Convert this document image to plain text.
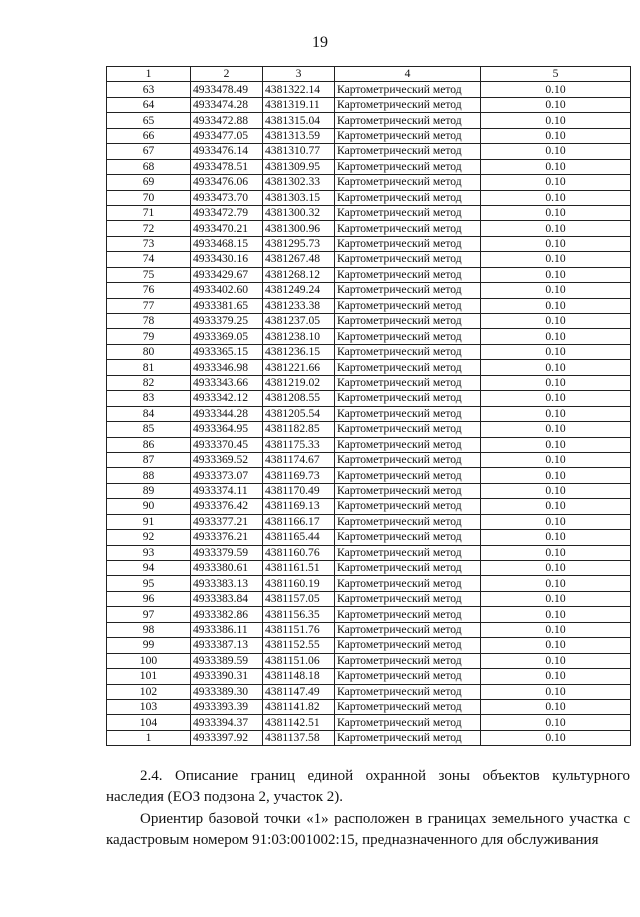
19
1	2	3	4	5
63	4933478.49	4381322.14	Картометрический метод	0.10
64	4933474.28	4381319.11	Картометрический метод	0.10
65	4933472.88	4381315.04	Картометрический метод	0.10
66	4933477.05	4381313.59	Картометрический метод	0.10
67	4933476.14	4381310.77	Картометрический метод	0.10
68	4933478.51	4381309.95	Картометрический метод	0.10
69	4933476.06	4381302.33	Картометрический метод	0.10
70	4933473.70	4381303.15	Картометрический метод	0.10
71	4933472.79	4381300.32	Картометрический метод	0.10
72	4933470.21	4381300.96	Картометрический метод	0.10
73	4933468.15	4381295.73	Картометрический метод	0.10
74	4933430.16	4381267.48	Картометрический метод	0.10
75	4933429.67	4381268.12	Картометрический метод	0.10
76	4933402.60	4381249.24	Картометрический метод	0.10
77	4933381.65	4381233.38	Картометрический метод	0.10
78	4933379.25	4381237.05	Картометрический метод	0.10
79	4933369.05	4381238.10	Картометрический метод	0.10
80	4933365.15	4381236.15	Картометрический метод	0.10
81	4933346.98	4381221.66	Картометрический метод	0.10
82	4933343.66	4381219.02	Картометрический метод	0.10
83	4933342.12	4381208.55	Картометрический метод	0.10
84	4933344.28	4381205.54	Картометрический метод	0.10
85	4933364.95	4381182.85	Картометрический метод	0.10
86	4933370.45	4381175.33	Картометрический метод	0.10
87	4933369.52	4381174.67	Картометрический метод	0.10
88	4933373.07	4381169.73	Картометрический метод	0.10
89	4933374.11	4381170.49	Картометрический метод	0.10
90	4933376.42	4381169.13	Картометрический метод	0.10
91	4933377.21	4381166.17	Картометрический метод	0.10
92	4933376.21	4381165.44	Картометрический метод	0.10
93	4933379.59	4381160.76	Картометрический метод	0.10
94	4933380.61	4381161.51	Картометрический метод	0.10
95	4933383.13	4381160.19	Картометрический метод	0.10
96	4933383.84	4381157.05	Картометрический метод	0.10
97	4933382.86	4381156.35	Картометрический метод	0.10
98	4933386.11	4381151.76	Картометрический метод	0.10
99	4933387.13	4381152.55	Картометрический метод	0.10
100	4933389.59	4381151.06	Картометрический метод	0.10
101	4933390.31	4381148.18	Картометрический метод	0.10
102	4933389.30	4381147.49	Картометрический метод	0.10
103	4933393.39	4381141.82	Картометрический метод	0.10
104	4933394.37	4381142.51	Картометрический метод	0.10
1	4933397.92	4381137.58	Картометрический метод	0.10
2.4. Описание границ единой охранной зоны объектов культурного наследия (ЕОЗ подзона 2, участок 2).
Ориентир базовой точки «1» расположен в границах земельного участка с кадастровым номером 91:03:001002:15, предназначенного для обслуживания
